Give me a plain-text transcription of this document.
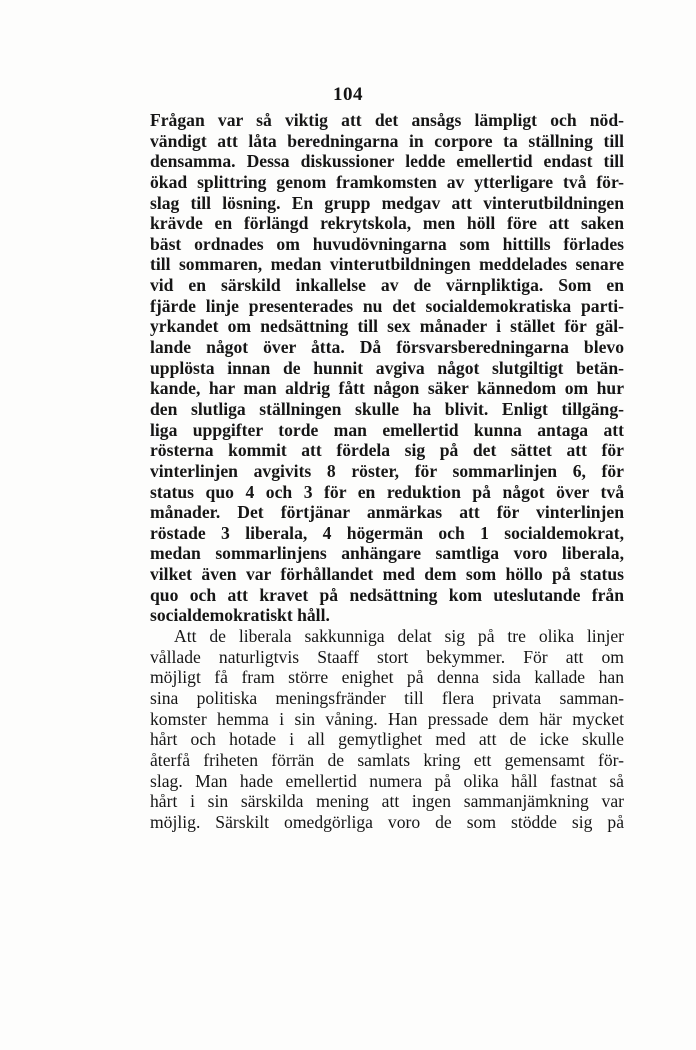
104
Frågan var så viktig att det ansågs lämpligt och nöd-
vändigt att låta beredningarna in corpore ta ställning till
densamma. Dessa diskussioner ledde emellertid endast till
ökad splittring genom framkomsten av ytterligare två för-
slag till lösning. En grupp medgav att vinterutbildningen
krävde en förlängd rekrytskola, men höll före att saken
bäst ordnades om huvudövningarna som hittills förlades
till sommaren, medan vinterutbildningen meddelades senare
vid en särskild inkallelse av de värnpliktiga. Som en
fjärde linje presenterades nu det socialdemokratiska parti-
yrkandet om nedsättning till sex månader i stället för gäl-
lande något över åtta. Då försvarsberedningarna blevo
upplösta innan de hunnit avgiva något slutgiltigt betän-
kande, har man aldrig fått någon säker kännedom om hur
den slutliga ställningen skulle ha blivit. Enligt tillgäng-
liga uppgifter torde man emellertid kunna antaga att
rösterna kommit att fördela sig på det sättet att för
vinterlinjen avgivits 8 röster, för sommarlinjen 6, för
status quo 4 och 3 för en reduktion på något över två
månader. Det förtjänar anmärkas att för vinterlinjen
röstade 3 liberala, 4 högermän och 1 socialdemokrat,
medan sommarlinjens anhängare samtliga voro liberala,
vilket även var förhållandet med dem som höllo på status
quo och att kravet på nedsättning kom uteslutande från
socialdemokratiskt håll.
Att de liberala sakkunniga delat sig på tre olika linjer
vållade naturligtvis Staaff stort bekymmer. För att om
möjligt få fram större enighet på denna sida kallade han
sina politiska meningsfränder till flera privata samman-
komster hemma i sin våning. Han pressade dem här mycket
hårt och hotade i all gemytlighet med att de icke skulle
återfå friheten förrän de samlats kring ett gemensamt för-
slag. Man hade emellertid numera på olika håll fastnat så
hårt i sin särskilda mening att ingen sammanjämkning var
möjlig. Särskilt omedgörliga voro de som stödde sig på
